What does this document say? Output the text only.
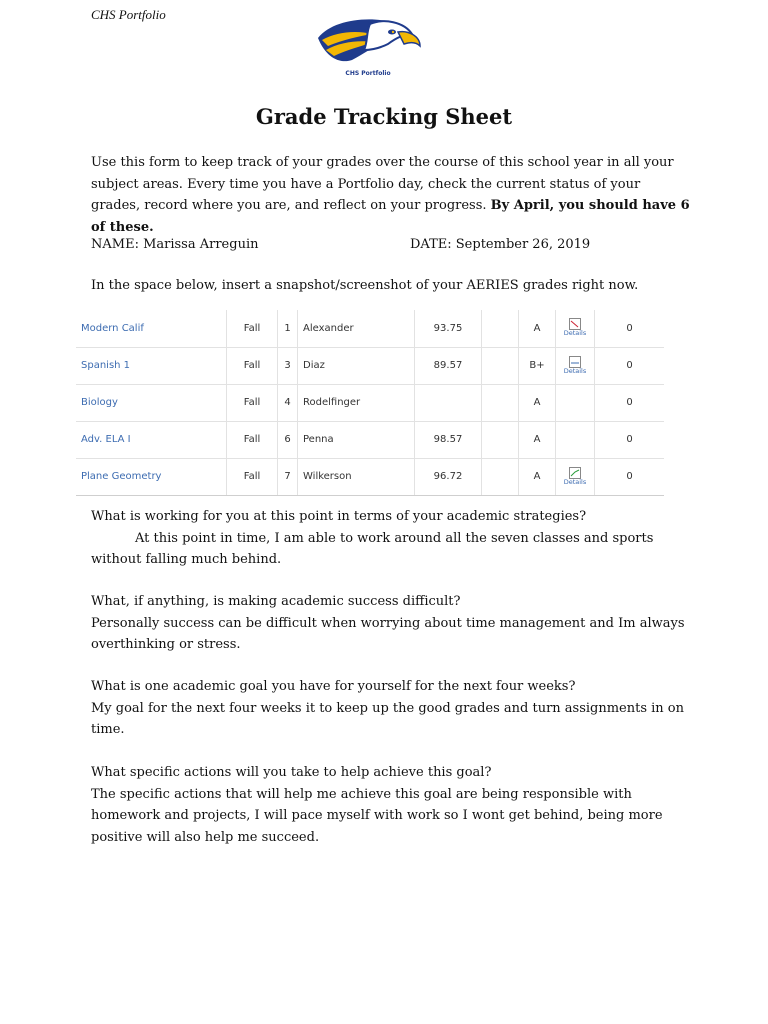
CHS Portfolio
CHS Portfolio
Grade Tracking Sheet
Use this form to keep track of your grades over the course of this school year in all your subject areas. Every time you have a Portfolio day, check the current status of your grades, record where you are, and reflect on your progress. By April, you should have 6 of these.
NAME: Marissa Arreguin	DATE: September 26, 2019
In the space below, insert a snapshot/screenshot of your AERIES grades right now.
Modern Calif	Fall	1	Alexander	93.75		A	Details	0
Spanish 1	Fall	3	Diaz	89.57		B+	Details	0
Biology	Fall	4	Rodelfinger			A		0
Adv. ELA I	Fall	6	Penna	98.57		A		0
Plane Geometry	Fall	7	Wilkerson	96.72		A	Details	0
What is working for you at this point in terms of your academic strategies?
At this point in time, I am able to work around all the seven classes and sports without falling much behind.
What, if anything, is making academic success difficult?
Personally success can be difficult when worrying about time management and Im always overthinking or stress.
What is one academic goal you have for yourself for the next four weeks?
My goal for the next four weeks it to keep up the good grades and turn assignments in on time.
What specific actions will you take to help achieve this goal?
The specific actions that will help me achieve this goal are being responsible with homework and projects, I will pace myself with work so I wont get behind, being more positive will also help me succeed.
